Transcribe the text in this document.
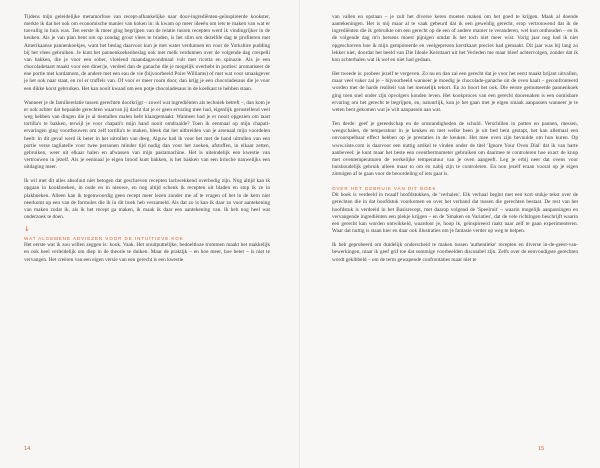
Tijdens mijn geleidelijke metamorfose van recept-afhankelijke naar door-ingrediënten-geïnspireerde kookster, merkte ik dat het ook om economische manier van koken in: ik kwam op meer ideeën om iets te maken van wat er toevallig in huis was. Ten eerste ik meer ging begrijpen van de relatie tussen recepten werd ik vindingrijker in de keuken. Als je van plan bent om op zondag groot vlees te braden, is het slim om dezelfde dag te profiteren met Amerikaanse pannenkoekjes, want het beslag daarvoor kun je met water verdunnen en voor de Yorkshire pudding bij het vlees gebruiken. Je kunt het pannenkoekenbeslag ook met melk verdunnen over de volgende dag crespelli van bakken, die je voor een sober, vloeiend maandagavondmaal vult met ricotta en spinazie. Als je een chocoladetaart maakt voor een diner/je, verdeel dan de ganache die je mogelijk overhebt in porties: aromatiseer de ene portie met kardamom, de andere met een eau de vie (bijvoorbeeld Poire Williams) of met wat voor smaakgever je het ook naar staat, en rol er truffels van. Of voor er meer room door, dan krijg je een chocoladesaus die je voor een dikke korst gebruiken. Het kan nooit kwaad om een potje chocoladesaus in de koelkast te hebben staan.

Wanneer je de familierelatie tussen gerechten doorkrijgt – zowel wat ingrediënten als techniek betreft –, dan kom je er ook achter dat bepaalde gerechten waarvan jij dacht dat je er geen ervaring mee had, eigenlijk gerustellend veel weg hebben van dingen die je al tientallen malen hebt klaargemaakt. Wanneer had je er nooit opgezien om taart tortilla's te bakken, terwijl je voor chapati's mijn hand nooit omdraaide? Toen ik eenmaal op mijn chapati-ervaringen ging voortbouwen om zelf tortilla's te maken, bleek dat het uitbreiden van je arsenaal mijn voordelen heelt: in dit geval werd ik beter in het uitrollen van deeg. Alguw had ik voor het met de hand uitrollen van een portie verse tagliatelle voor twee personen minder tijd nodig dan voor het zoeken, afstoffen, in elkaar zetten, gebruiken, weer uit elkaar halen en afwassen van mijn pastamachine. Het is uiteindelijk een kwestie van vertrouwen in jezelf. Als je eenmaal je eigen brood kunt bakken, is het bakken van een brioche nauwelijks een uitdaging meer.

Ik wil met dit alles absoluut niet betogen dat geschreven recepten lachwekkend overbodig zijn. Nog altijd kan ik opgaan in kookboeken, in oude en in nieuwe, en nog altijd schenk ik recepten uit bladen en stop ik ze in plakboeken. Alleen kan ik tegenwoordig geen recept meer lezen zonder me af te vragen of het in de kern niet neerkomt op een van de formules die ik in dit boek heb verzameld. Als dat zo is kan ik daar zo voor aantekening van maken zodat ik, als ik het recept ga maken, ik maak ik daar een aantekening van. Ik heb nog heel wat onderzoek te doen.

↓
WAT ALGEMENE ADVIEZEN VOOR DE INTUÏTIEVE KOK

Het eerste wat ik zou willen zeggen is: kook. Vaak. Het onuitputtelijke, bedoeltloze trommen maakt het makkelijk en ook heel verleidelijk om diep in de theorie te duiken. Maar de praktijk – en hoe meer, hoe beter – is niet te vervangen. Het creëren van een eigen versie van een gerecht is een kwestie

14

van vallen en opstaan – je zult het diverse keren moeten maken om het goed te krijgen. Maak al doende aantekeningen. Het is mij maar al te vaak gebeurd dat ik een geweldig gerecht, erop vertrouwend dat ik de ingrediënten die ik gebruikte om een gerecht op de een of andere manier te veranderen, wel kon onthouden – en ik de volgende dag m'n hersens moest pijnigen omdat ik het toch niet meer wist. Vorig jaar nog had ik niet opgeschreven hoe ik mijn gemporeerde en veelgeprezen kerstkaart precies had gemaakt. Dit jaar was bij lang zo lekker niet, doordat het beeld van Die Ideale Kersttaart uit het Verleden me maar bleef achtervolgen, zonder dat ik kon achterhalen wat ik wel en niet had gedaan.

Het tweede is: probeer jezelf te vergeven. Zo nu en dan zal een gerecht dat je voor het eerst maakt brijant uitvallen, maar veel vaker zal je – bijvoorbeeld wanneer je moedig je chocolade-ganache uit de oven haalt – geconfronteerd worden met de harde realiteit van het menselijk tekort. En zo hoort het ook. Die eerste gemutseerde pannenkoek ging toen snel onder zijn opvolgers konden leven. Het kookproces van een gerecht doorenaken is een oomisbare ervaring om het gerecht te begrijpen, en, natuurlijk, kun je het gaan met je eigen smaak aanpassen wanneer je te weten bent gekomen wat je wilt aanpassen aan wat.

Ten derde: geef je gereedschap en de omstandigheden de schuld. Verschillen in potten en pannen, messen, weegschalen, de temperatuur in je keuken en met welke been je uit bed bent gestapt, het kan allemaal een onvoorspelbaar effect hebben op je prestaties in de keuken. Het mee oven zijn bevuulde om hun kuren. Op www.siste.com is daarvoor een nuttig artikel te vinden onder de titel 'Ignore Your Oven Dial' dat ik van harte aanbeveel: je kunt maar het beste een oventhermometer gebruiken om daarmee te controleren hoe exact de knop met oventemperaturen de werkelijke temperatuur van je oven aangeeft. Leg je erbij neer dat ovens voor huishoudelijk gebruik alleen maar to om en nabij zijn te controleren. En non jezelf eraan vooral op je eigen zintuigen af te gaan voor de beoordeling of iets gaar is.

OVER HET GEBRUIK VAN DIT BOEK

Dit boek is verdeeld in twaalf hoofdstukken, de 'verhalen'. Elk verhaal begint met een kort stukje tekst over de gerechten die in dat hoofdstuk voorkomen en over het verband dat tussen die gerechten bestaat. De rest van het hoofdstuk is verdeeld in het Basisrecept, met daarop volgend de 'Speelruit' – waarin mogelijk aanpassingen en vervangende ingrediënten een plekje krijgen – en de 'Smaken en Variaties', dat de vele richtingen beschrijft waarin een gerecht kan worden ontwikkeld, waardoor je, hoop ik, geïnspireerd raakt naar zelf te gaan experimenteren. Waar dat nuttig is staan hier en daar ook illustraties om je fantasie verder op weg te helpen.

Ik heb geprobeerd om duidelijk onderscheid te maken tussen 'authentieke' recepten en diverse in-de-geest-van-bewerkingen, maar ik geef grif toe dat sommige voorbeelden discutabel zijn. Zelfs over de eenvoudigste gerechten wordt gekibbeld – om de term gewapende confrontaties maar niet te

15
